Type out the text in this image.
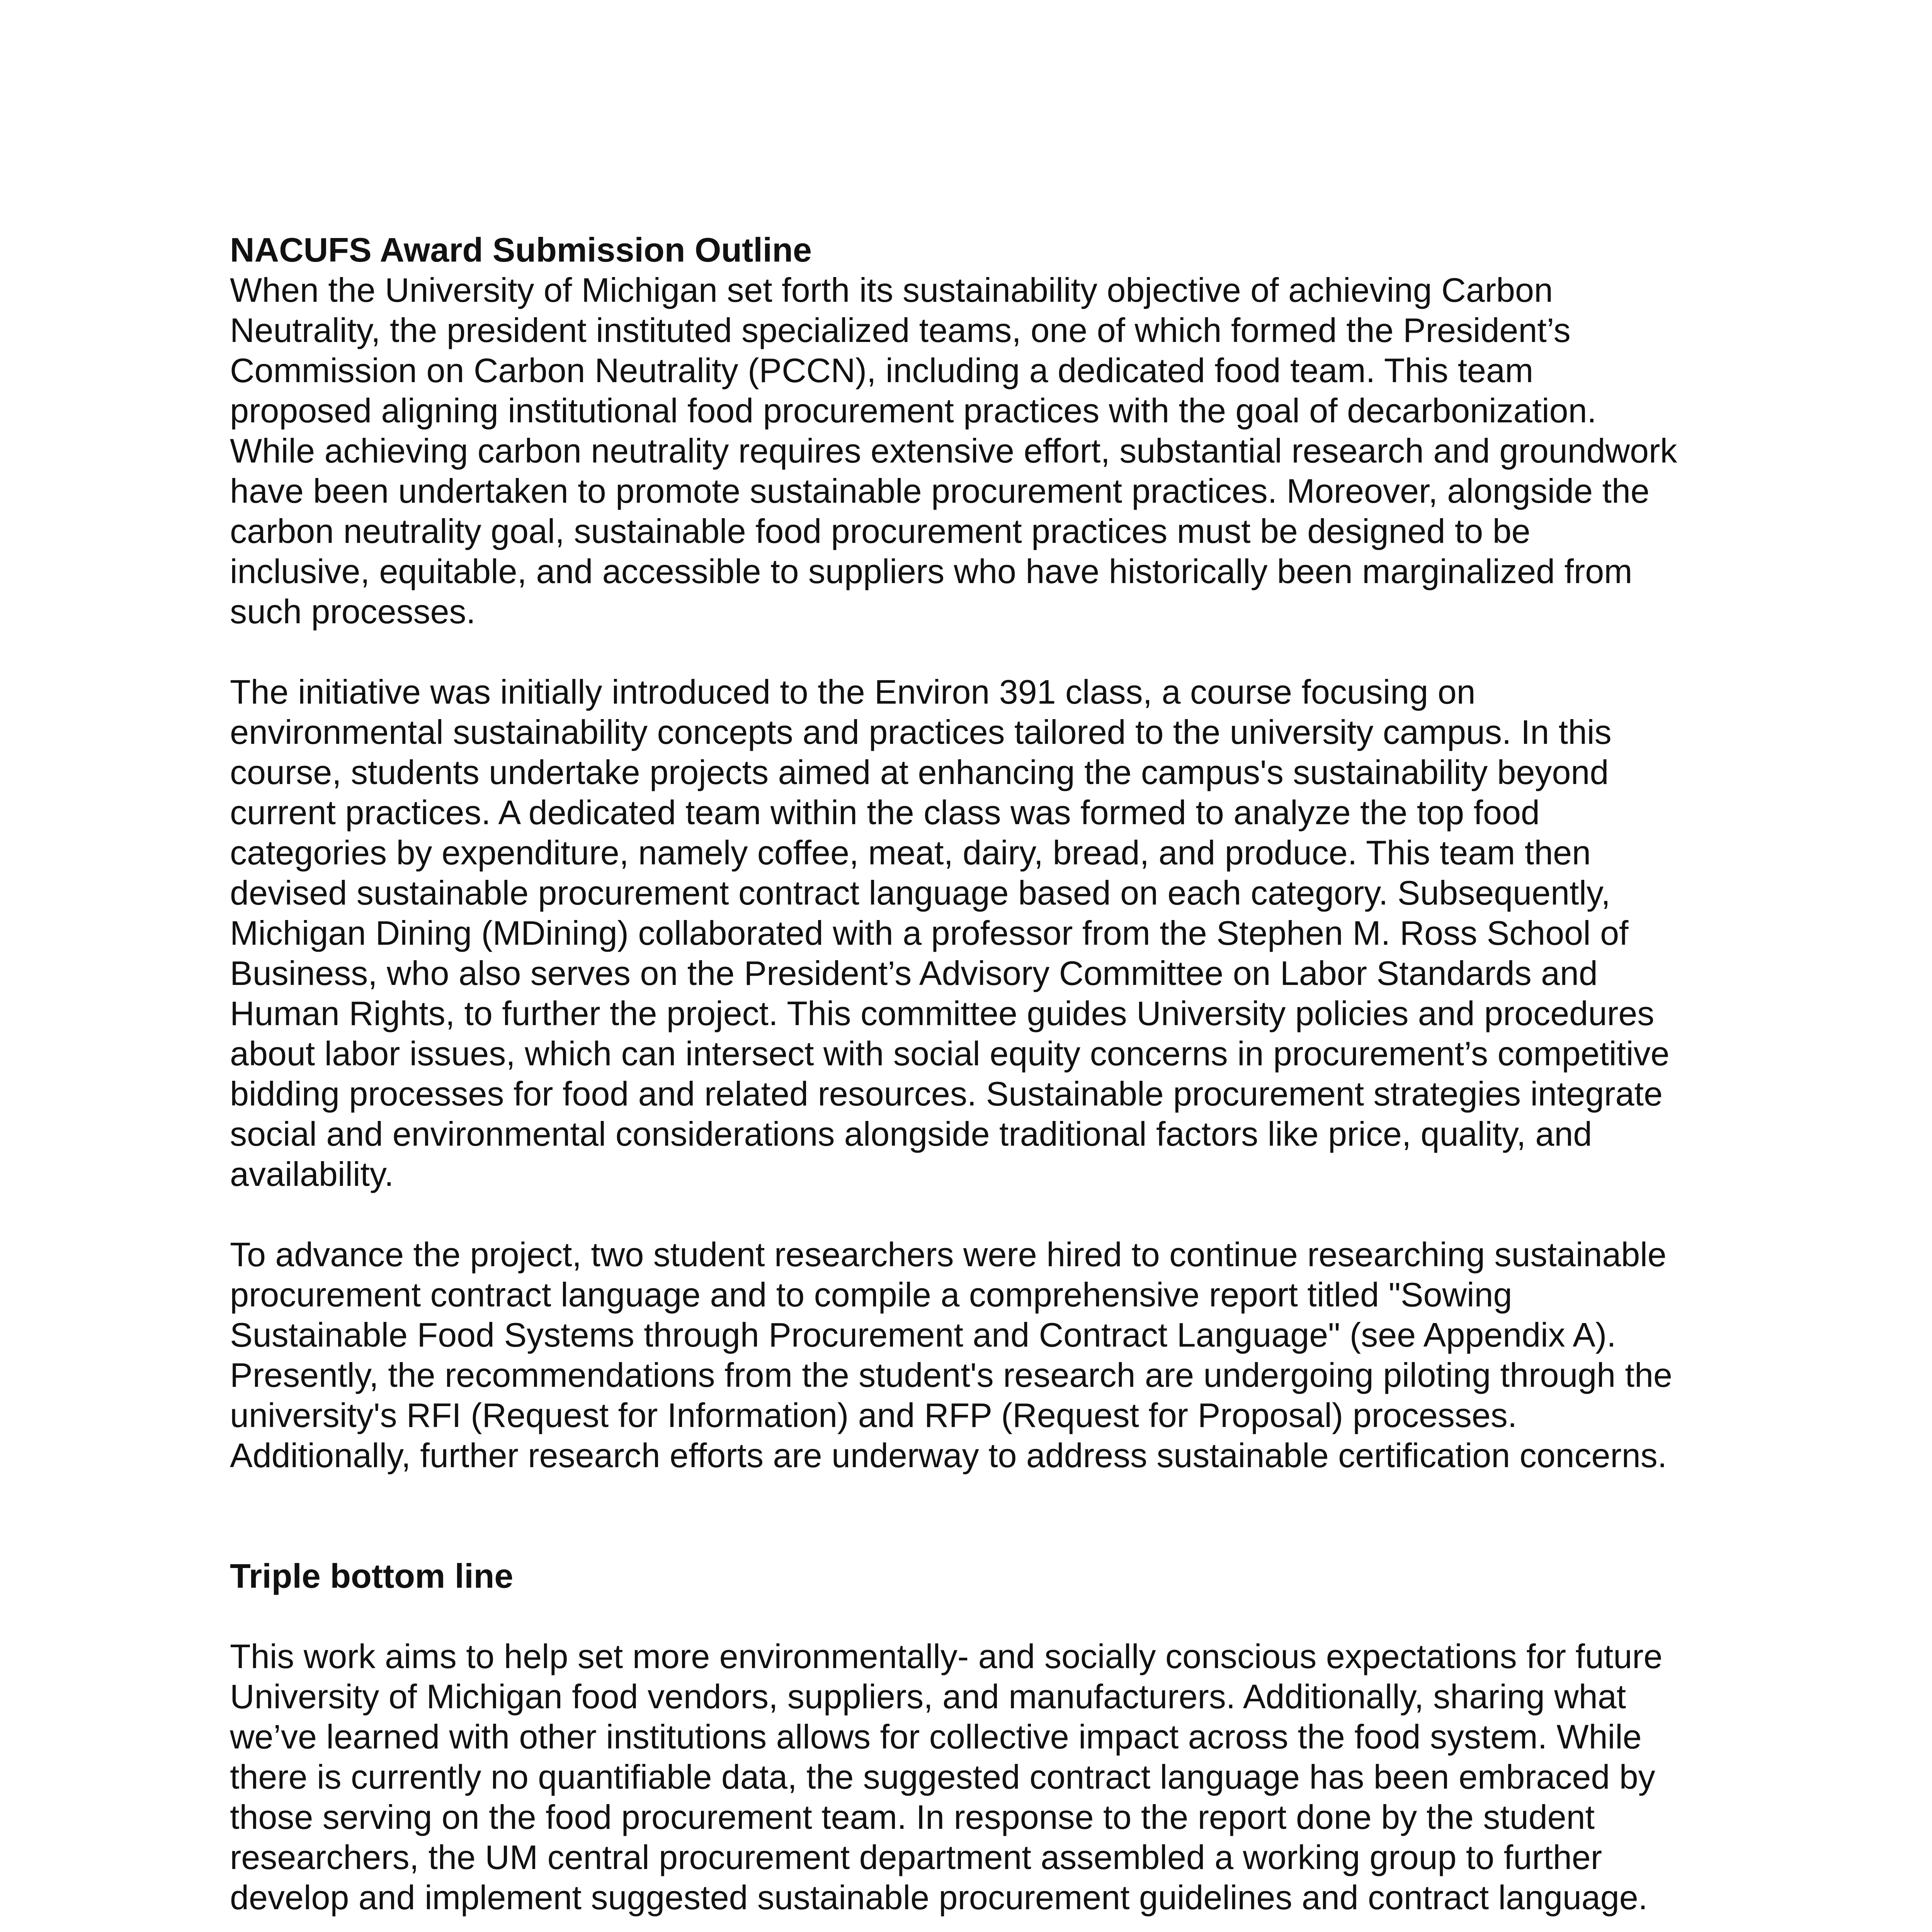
NACUFS Award Submission Outline
When the University of Michigan set forth its sustainability objective of achieving Carbon
Neutrality, the president instituted specialized teams, one of which formed the President’s
Commission on Carbon Neutrality (PCCN), including a dedicated food team. This team
proposed aligning institutional food procurement practices with the goal of decarbonization.
While achieving carbon neutrality requires extensive effort, substantial research and groundwork
have been undertaken to promote sustainable procurement practices. Moreover, alongside the
carbon neutrality goal, sustainable food procurement practices must be designed to be
inclusive, equitable, and accessible to suppliers who have historically been marginalized from
such processes.
The initiative was initially introduced to the Environ 391 class, a course focusing on
environmental sustainability concepts and practices tailored to the university campus. In this
course, students undertake projects aimed at enhancing the campus's sustainability beyond
current practices. A dedicated team within the class was formed to analyze the top food
categories by expenditure, namely coffee, meat, dairy, bread, and produce. This team then
devised sustainable procurement contract language based on each category. Subsequently,
Michigan Dining (MDining) collaborated with a professor from the Stephen M. Ross School of
Business, who also serves on the President’s Advisory Committee on Labor Standards and
Human Rights, to further the project. This committee guides University policies and procedures
about labor issues, which can intersect with social equity concerns in procurement’s competitive
bidding processes for food and related resources. Sustainable procurement strategies integrate
social and environmental considerations alongside traditional factors like price, quality, and
availability.
To advance the project, two student researchers were hired to continue researching sustainable
procurement contract language and to compile a comprehensive report titled "Sowing
Sustainable Food Systems through Procurement and Contract Language" (see Appendix A).
Presently, the recommendations from the student's research are undergoing piloting through the
university's RFI (Request for Information) and RFP (Request for Proposal) processes.
Additionally, further research efforts are underway to address sustainable certification concerns.
Triple bottom line
This work aims to help set more environmentally- and socially conscious expectations for future
University of Michigan food vendors, suppliers, and manufacturers. Additionally, sharing what
we’ve learned with other institutions allows for collective impact across the food system. While
there is currently no quantifiable data, the suggested contract language has been embraced by
those serving on the food procurement team. In response to the report done by the student
researchers, the UM central procurement department assembled a working group to further
develop and implement suggested sustainable procurement guidelines and contract language.
